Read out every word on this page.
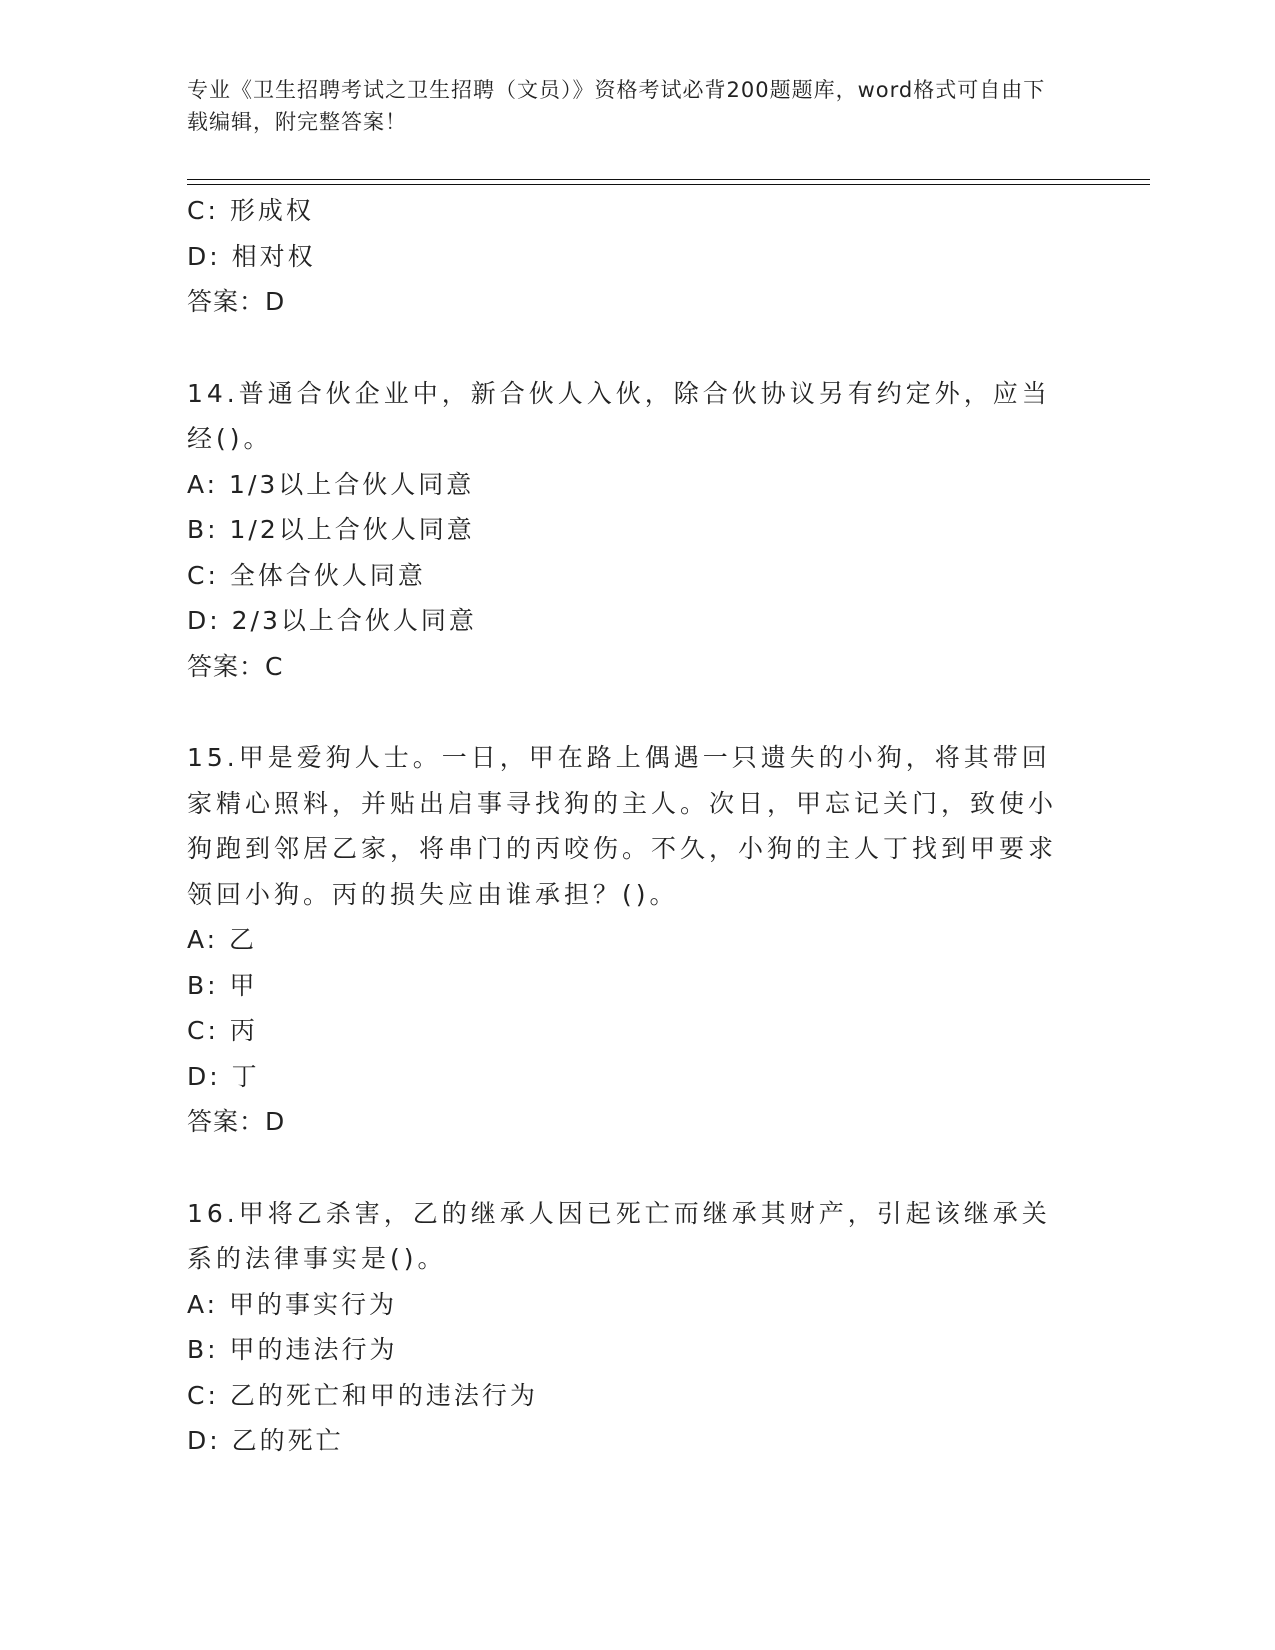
专业《卫生招聘考试之卫生招聘（文员）》资格考试必背200题题库，word格式可自由下载编辑，附完整答案！
C: 形成权
D: 相对权
答案：D
14.普通合伙企业中，新合伙人入伙，除合伙协议另有约定外，应当经()。
A: 1/3以上合伙人同意
B: 1/2以上合伙人同意
C: 全体合伙人同意
D: 2/3以上合伙人同意
答案：C
15.甲是爱狗人士。一日，甲在路上偶遇一只遗失的小狗，将其带回家精心照料，并贴出启事寻找狗的主人。次日，甲忘记关门，致使小狗跑到邻居乙家，将串门的丙咬伤。不久，小狗的主人丁找到甲要求领回小狗。丙的损失应由谁承担？()。
A: 乙
B: 甲
C: 丙
D: 丁
答案：D
16.甲将乙杀害，乙的继承人因已死亡而继承其财产，引起该继承关系的法律事实是()。
A: 甲的事实行为
B: 甲的违法行为
C: 乙的死亡和甲的违法行为
D: 乙的死亡
